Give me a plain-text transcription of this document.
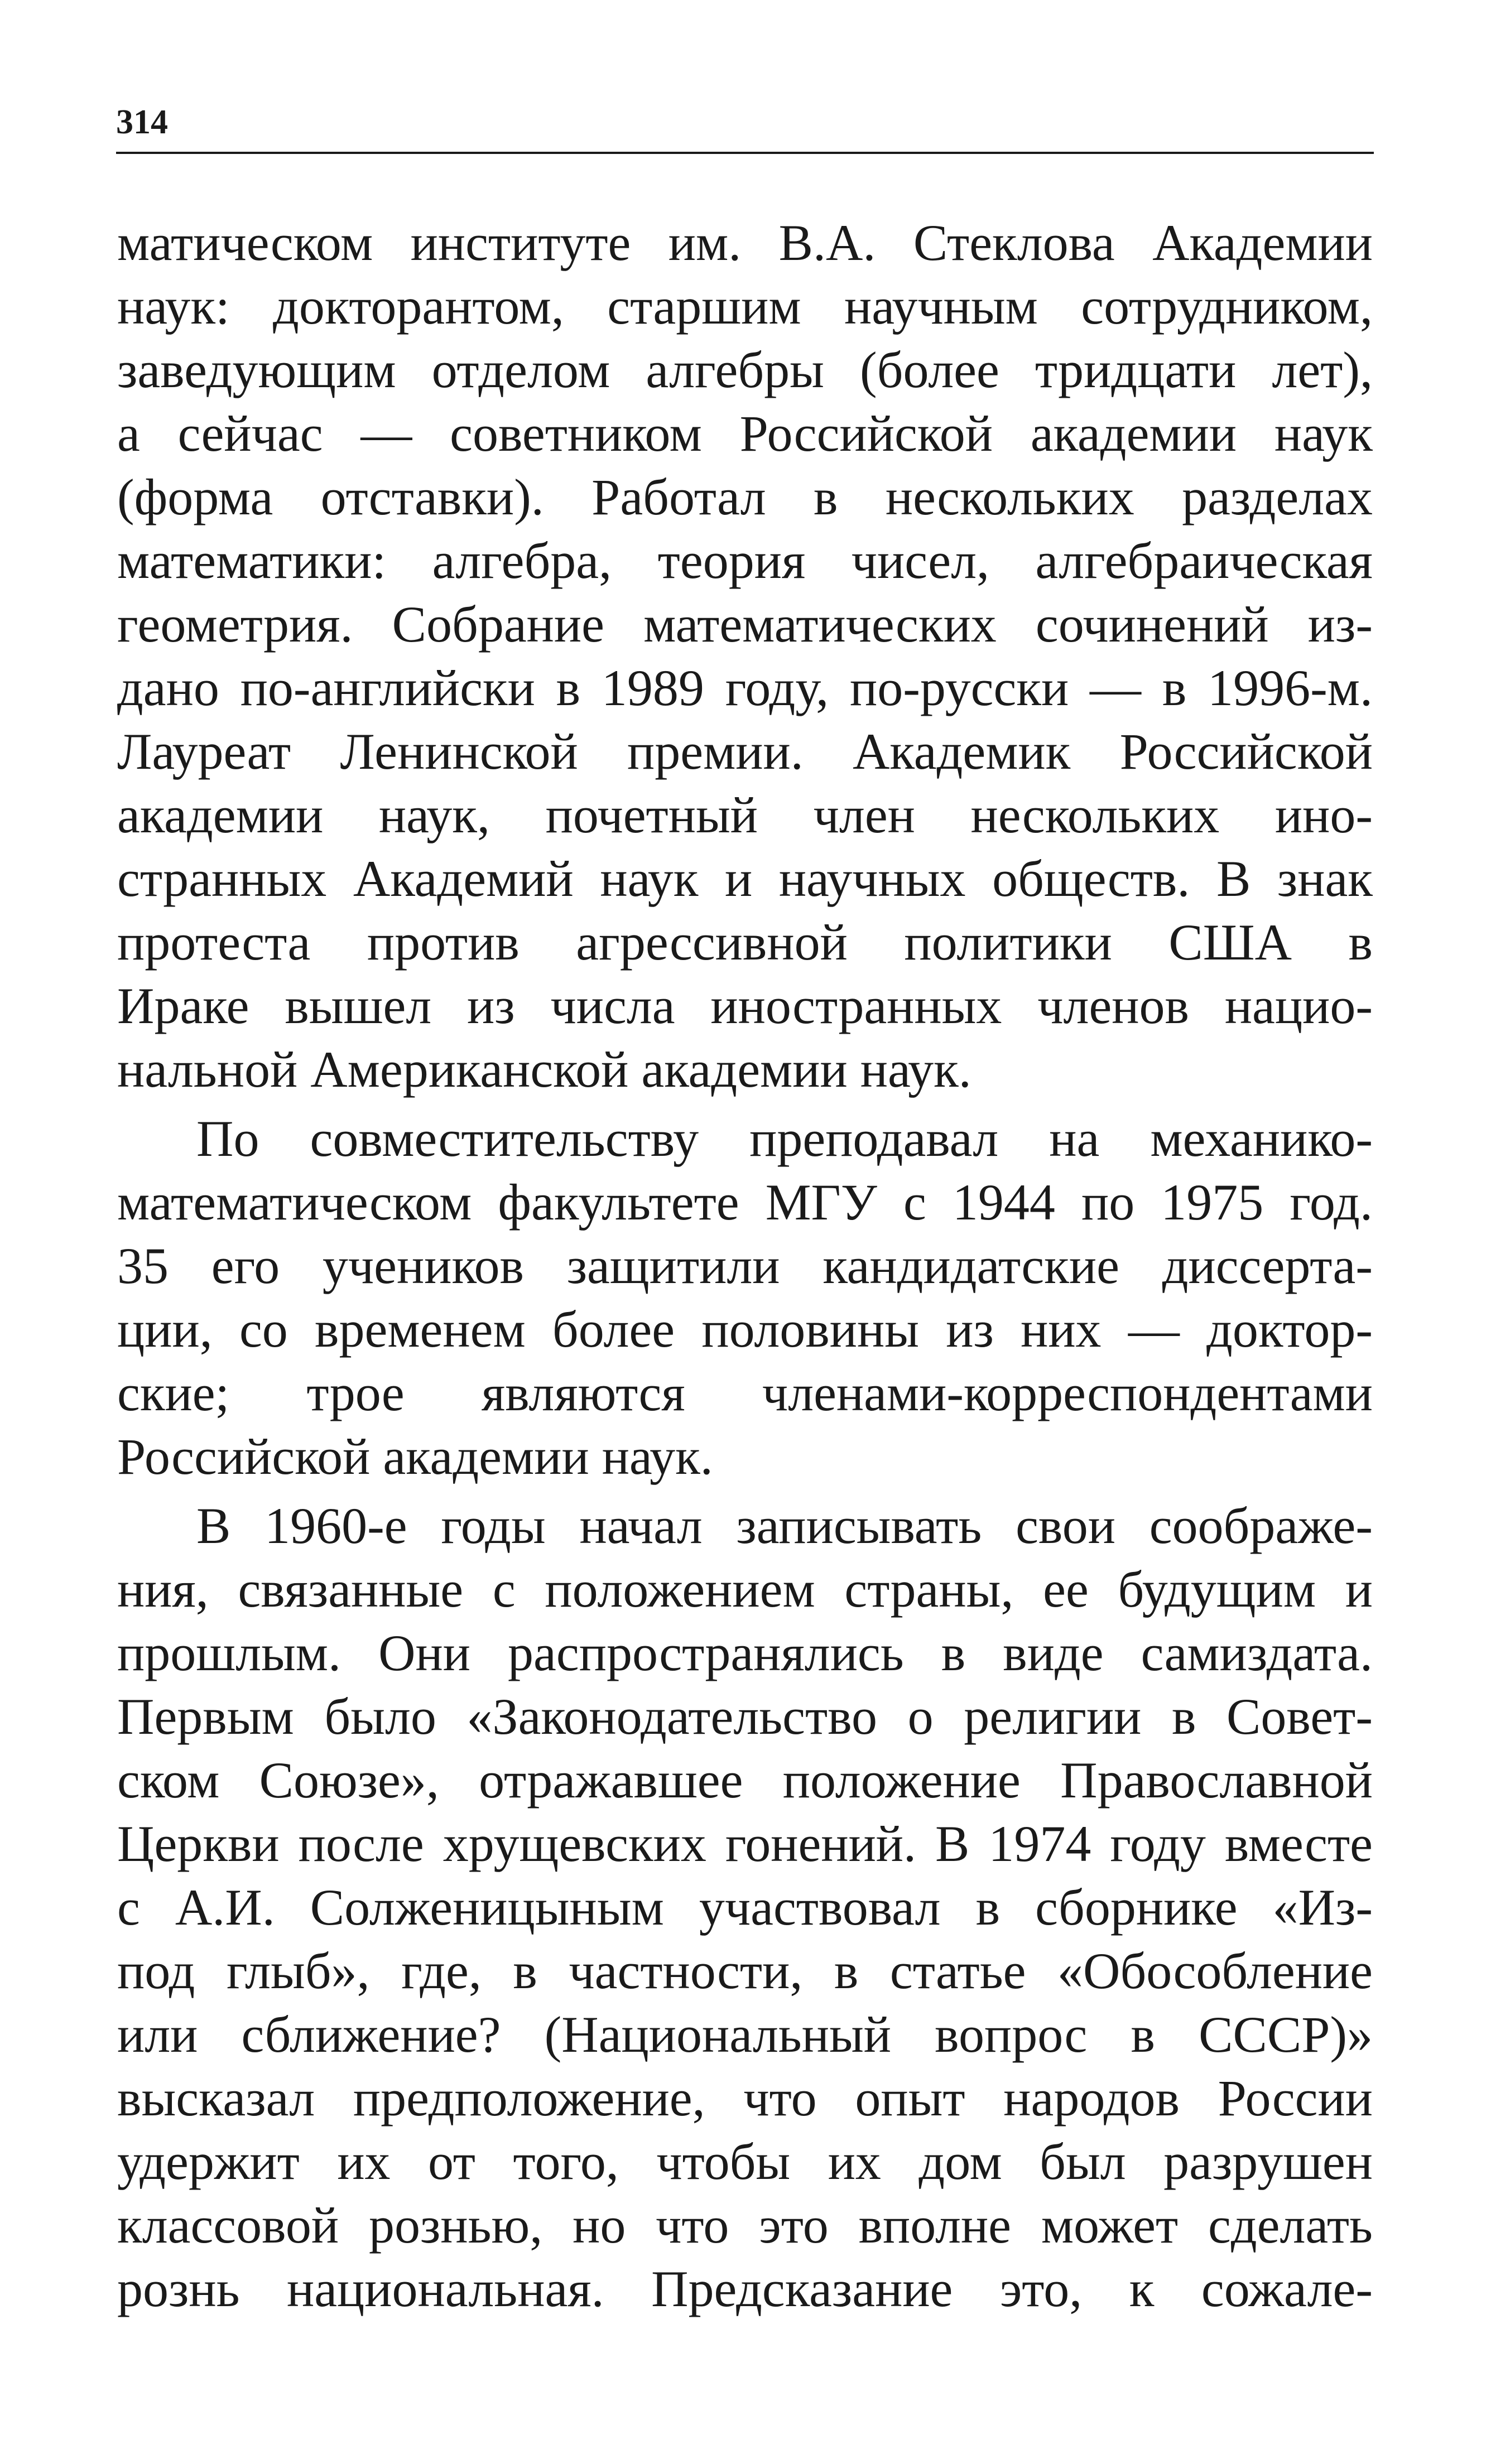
314
матическом институте им. В.А. Стеклова Академии
наук: докторантом, старшим научным сотрудником,
заведующим отделом алгебры (более тридцати лет),
а сейчас — советником Российской академии наук
(форма отставки). Работал в нескольких разделах
математики: алгебра, теория чисел, алгебраическая
геометрия. Собрание математических сочинений из-
дано по-английски в 1989 году, по-русски — в 1996-м.
Лауреат Ленинской премии. Академик Российской
академии наук, почетный член нескольких ино-
странных Академий наук и научных обществ. В знак
протеста против агрессивной политики США в
Ираке вышел из числа иностранных членов нацио-
нальной Американской академии наук.
По совместительству преподавал на механико-
математическом факультете МГУ с 1944 по 1975 год.
35 его учеников защитили кандидатские диссерта-
ции, со временем более половины из них — доктор-
ские; трое являются членами-корреспондентами
Российской академии наук.
В 1960-е годы начал записывать свои соображе-
ния, связанные с положением страны, ее будущим и
прошлым. Они распространялись в виде самиздата.
Первым было «Законодательство о религии в Совет-
ском Союзе», отражавшее положение Православной
Церкви после хрущевских гонений. В 1974 году вместе
с А.И. Солженицыным участвовал в сборнике «Из-
под глыб», где, в частности, в статье «Обособление
или сближение? (Национальный вопрос в СССР)»
высказал предположение, что опыт народов России
удержит их от того, чтобы их дом был разрушен
классовой рознью, но что это вполне может сделать
рознь национальная. Предсказание это, к сожале-
